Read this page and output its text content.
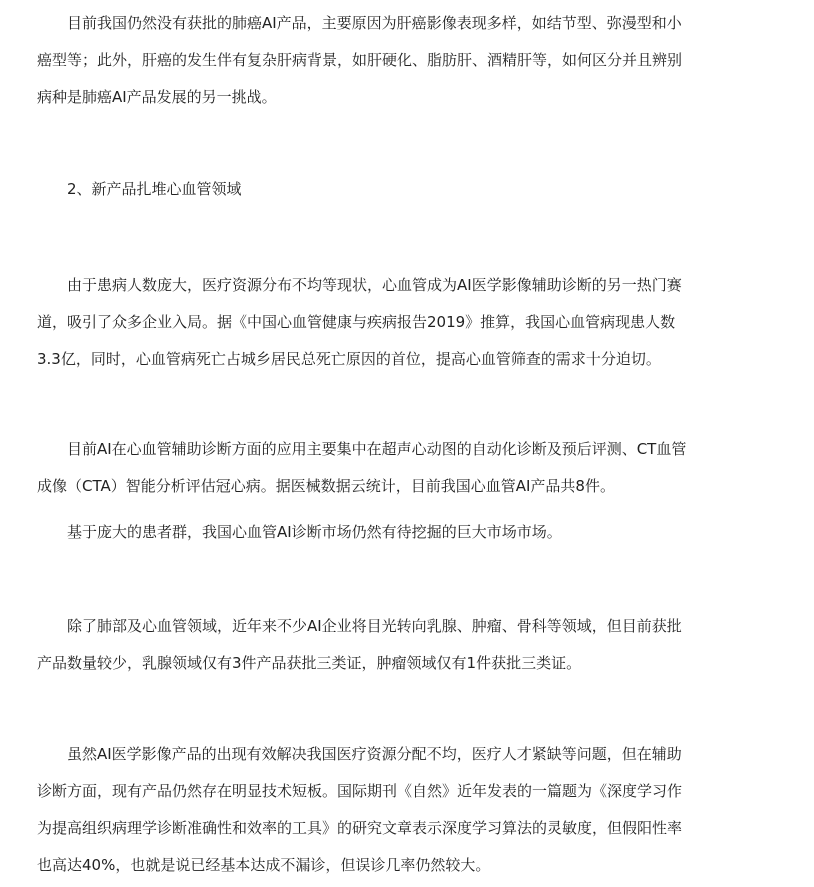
目前我国仍然没有获批的肺癌AI产品，主要原因为肝癌影像表现多样，如结节型、弥漫型和小
癌型等；此外，肝癌的发生伴有复杂肝病背景，如肝硬化、脂肪肝、酒精肝等，如何区分并且辨别
病种是肺癌AI产品发展的另一挑战。
2、新产品扎堆心血管领域
由于患病人数庞大，医疗资源分布不均等现状，心血管成为AI医学影像辅助诊断的另一热门赛
道，吸引了众多企业入局。据《中国心血管健康与疾病报告2019》推算，我国心血管病现患人数
3.3亿，同时，心血管病死亡占城乡居民总死亡原因的首位，提高心血管筛查的需求十分迫切。
目前AI在心血管辅助诊断方面的应用主要集中在超声心动图的自动化诊断及预后评测、CT血管
成像（CTA）智能分析评估冠心病。据医械数据云统计，目前我国心血管AI产品共8件。
基于庞大的患者群，我国心血管AI诊断市场仍然有待挖掘的巨大市场市场。
除了肺部及心血管领域，近年来不少AI企业将目光转向乳腺、肿瘤、骨科等领域，但目前获批
产品数量较少，乳腺领域仅有3件产品获批三类证，肿瘤领域仅有1件获批三类证。
虽然AI医学影像产品的出现有效解决我国医疗资源分配不均，医疗人才紧缺等问题，但在辅助
诊断方面，现有产品仍然存在明显技术短板。国际期刊《自然》近年发表的一篇题为《深度学习作
为提高组织病理学诊断准确性和效率的工具》的研究文章表示深度学习算法的灵敏度，但假阳性率
也高达40%，也就是说已经基本达成不漏诊，但误诊几率仍然较大。
